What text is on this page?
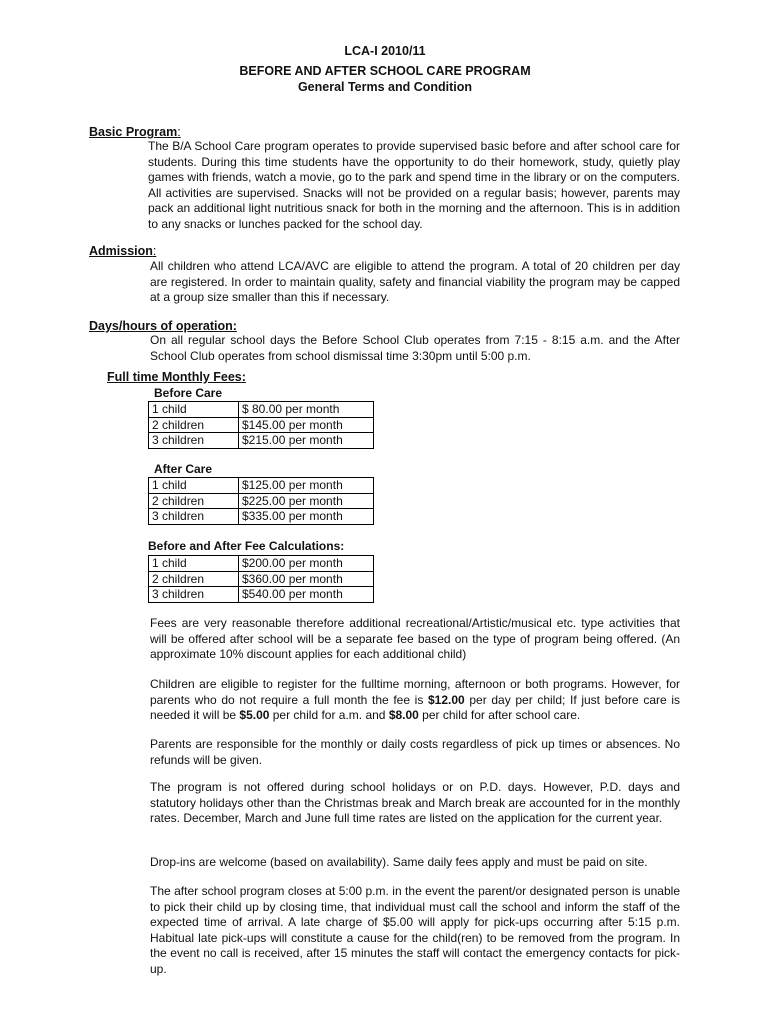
LCA-I 2010/11
BEFORE AND AFTER SCHOOL CARE PROGRAM
General Terms and Condition
Basic Program:
The B/A School Care program operates to provide supervised basic before and after school care for students. During this time students have the opportunity to do their homework, study, quietly play games with friends, watch a movie, go to the park and spend time in the library or on the computers. All activities are supervised. Snacks will not be provided on a regular basis; however, parents may pack an additional light nutritious snack for both in the morning and the afternoon. This is in addition to any snacks or lunches packed for the school day.
Admission:
All children who attend LCA/AVC are eligible to attend the program. A total of 20 children per day are registered. In order to maintain quality, safety and financial viability the program may be capped at a group size smaller than this if necessary.
Days/hours of operation:
On all regular school days the Before School Club operates from 7:15 - 8:15 a.m. and the After School Club operates from school dismissal time 3:30pm until 5:00 p.m.
Full time Monthly Fees:
Before Care
1 child	$ 80.00 per month
2 children	$145.00 per month
3 children	$215.00 per month
After Care
1 child	$125.00 per month
2 children	$225.00 per month
3 children	$335.00 per month
Before and After Fee Calculations:
1 child	$200.00 per month
2 children	$360.00 per month
3 children	$540.00 per month
Fees are very reasonable therefore additional recreational/Artistic/musical etc. type activities that will be offered after school will be a separate fee based on the type of program being offered. (An approximate 10% discount applies for each additional child)
Children are eligible to register for the fulltime morning, afternoon or both programs. However, for parents who do not require a full month the fee is $12.00 per day per child; If just before care is needed it will be $5.00 per child for a.m. and $8.00 per child for after school care.
Parents are responsible for the monthly or daily costs regardless of pick up times or absences. No refunds will be given.
The program is not offered during school holidays or on P.D. days. However, P.D. days and statutory holidays other than the Christmas break and March break are accounted for in the monthly rates. December, March and June full time rates are listed on the application for the current year.
Drop-ins are welcome (based on availability). Same daily fees apply and must be paid on site.
The after school program closes at 5:00 p.m. in the event the parent/or designated person is unable to pick their child up by closing time, that individual must call the school and inform the staff of the expected time of arrival. A late charge of $5.00 will apply for pick-ups occurring after 5:15 p.m. Habitual late pick-ups will constitute a cause for the child(ren) to be removed from the program. In the event no call is received, after 15 minutes the staff will contact the emergency contacts for pick-up.
